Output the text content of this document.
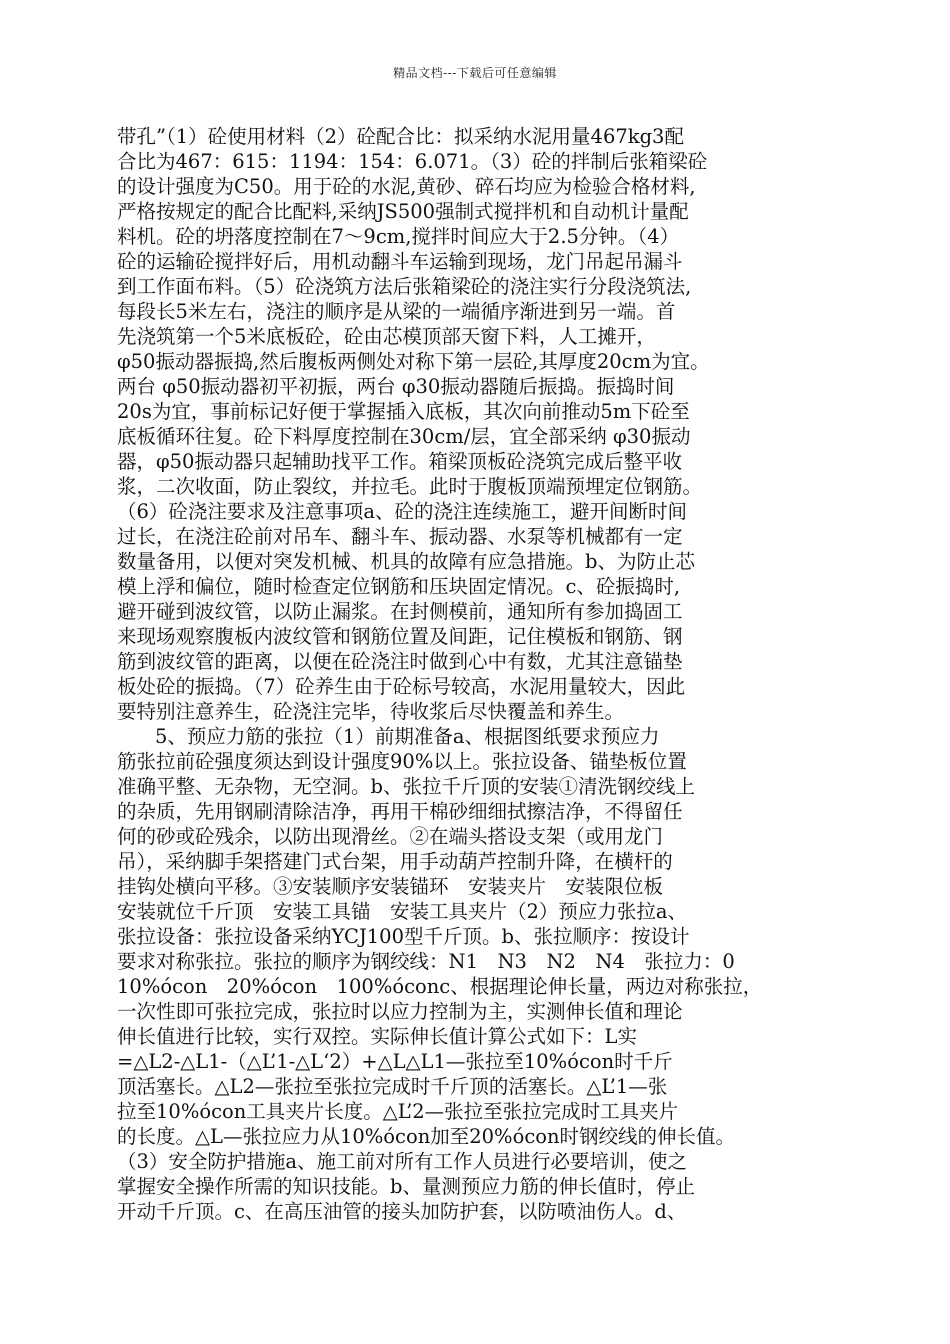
精品文档---下载后可任意编辑
带孔”（1）砼使用材料（2）砼配合比：拟采纳水泥用量467kg3配
合比为467：615：1194：154：6.071。（3）砼的拌制后张箱梁砼
的设计强度为C50。用于砼的水泥,黄砂、碎石均应为检验合格材料,
严格按规定的配合比配料,采纳JS500强制式搅拌机和自动机计量配
料机。砼的坍落度控制在7～9cm,搅拌时间应大于2.5分钟。（4）
砼的运输砼搅拌好后，用机动翻斗车运输到现场，龙门吊起吊漏斗
到工作面布料。（5）砼浇筑方法后张箱梁砼的浇注实行分段浇筑法,
每段长5米左右，浇注的顺序是从梁的一端循序渐进到另一端。首
先浇筑第一个5米底板砼，砼由芯模顶部天窗下料，人工摊开，
φ50振动器振捣,然后腹板两侧处对称下第一层砼,其厚度20cm为宜。
两台 φ50振动器初平初振，两台 φ30振动器随后振捣。振捣时间
20s为宜，事前标记好便于掌握插入底板，其次向前推动5m下砼至
底板循环往复。砼下料厚度控制在30cm/层，宜全部采纳 φ30振动
器，φ50振动器只起辅助找平工作。箱梁顶板砼浇筑完成后整平收
浆，二次收面，防止裂纹，并拉毛。此时于腹板顶端预埋定位钢筋。
（6）砼浇注要求及注意事项a、砼的浇注连续施工，避开间断时间
过长，在浇注砼前对吊车、翻斗车、振动器、水泵等机械都有一定
数量备用，以便对突发机械、机具的故障有应急措施。b、为防止芯
模上浮和偏位，随时检查定位钢筋和压块固定情况。c、砼振捣时,
避开碰到波纹管，以防止漏浆。在封侧模前，通知所有参加捣固工
来现场观察腹板内波纹管和钢筋位置及间距，记住模板和钢筋、钢
筋到波纹管的距离，以便在砼浇注时做到心中有数，尤其注意锚垫
板处砼的振捣。（7）砼养生由于砼标号较高，水泥用量较大，因此
要特别注意养生，砼浇注完毕，待收浆后尽快覆盖和养生。
5、预应力筋的张拉（1）前期准备a、根据图纸要求预应力
筋张拉前砼强度须达到设计强度90%以上。张拉设备、锚垫板位置
准确平整、无杂物，无空洞。b、张拉千斤顶的安装①清洗钢绞线上
的杂质，先用钢刷清除洁净，再用干棉砂细细拭擦洁净，不得留任
何的砂或砼残余，以防出现滑丝。②在端头搭设支架（或用龙门
吊），采纳脚手架搭建门式台架，用手动葫芦控制升降，在横杆的
挂钩处横向平移。③安装顺序安装锚环　安装夹片　安装限位板
安装就位千斤顶　安装工具锚　安装工具夹片（2）预应力张拉a、
张拉设备：张拉设备采纳YCJ100型千斤顶。b、张拉顺序：按设计
要求对称张拉。张拉的顺序为钢绞线：N1　N3　N2　N4　张拉力：0
10%όcon　20%όcon　100%όconc、根据理论伸长量，两边对称张拉，
一次性即可张拉完成，张拉时以应力控制为主，实测伸长值和理论
伸长值进行比较，实行双控。实际伸长值计算公式如下：L实
=△L2-△L1-（△L’1-△L‘2）+△L△L1—张拉至10%όcon时千斤
顶活塞长。△L2—张拉至张拉完成时千斤顶的活塞长。△L’1—张
拉至10%όcon工具夹片长度。△L’2—张拉至张拉完成时工具夹片
的长度。△L—张拉应力从10%όcon加至20%όcon时钢绞线的伸长值。
（3）安全防护措施a、施工前对所有工作人员进行必要培训，使之
掌握安全操作所需的知识技能。b、量测预应力筋的伸长值时，停止
开动千斤顶。c、在高压油管的接头加防护套，以防喷油伤人。d、
